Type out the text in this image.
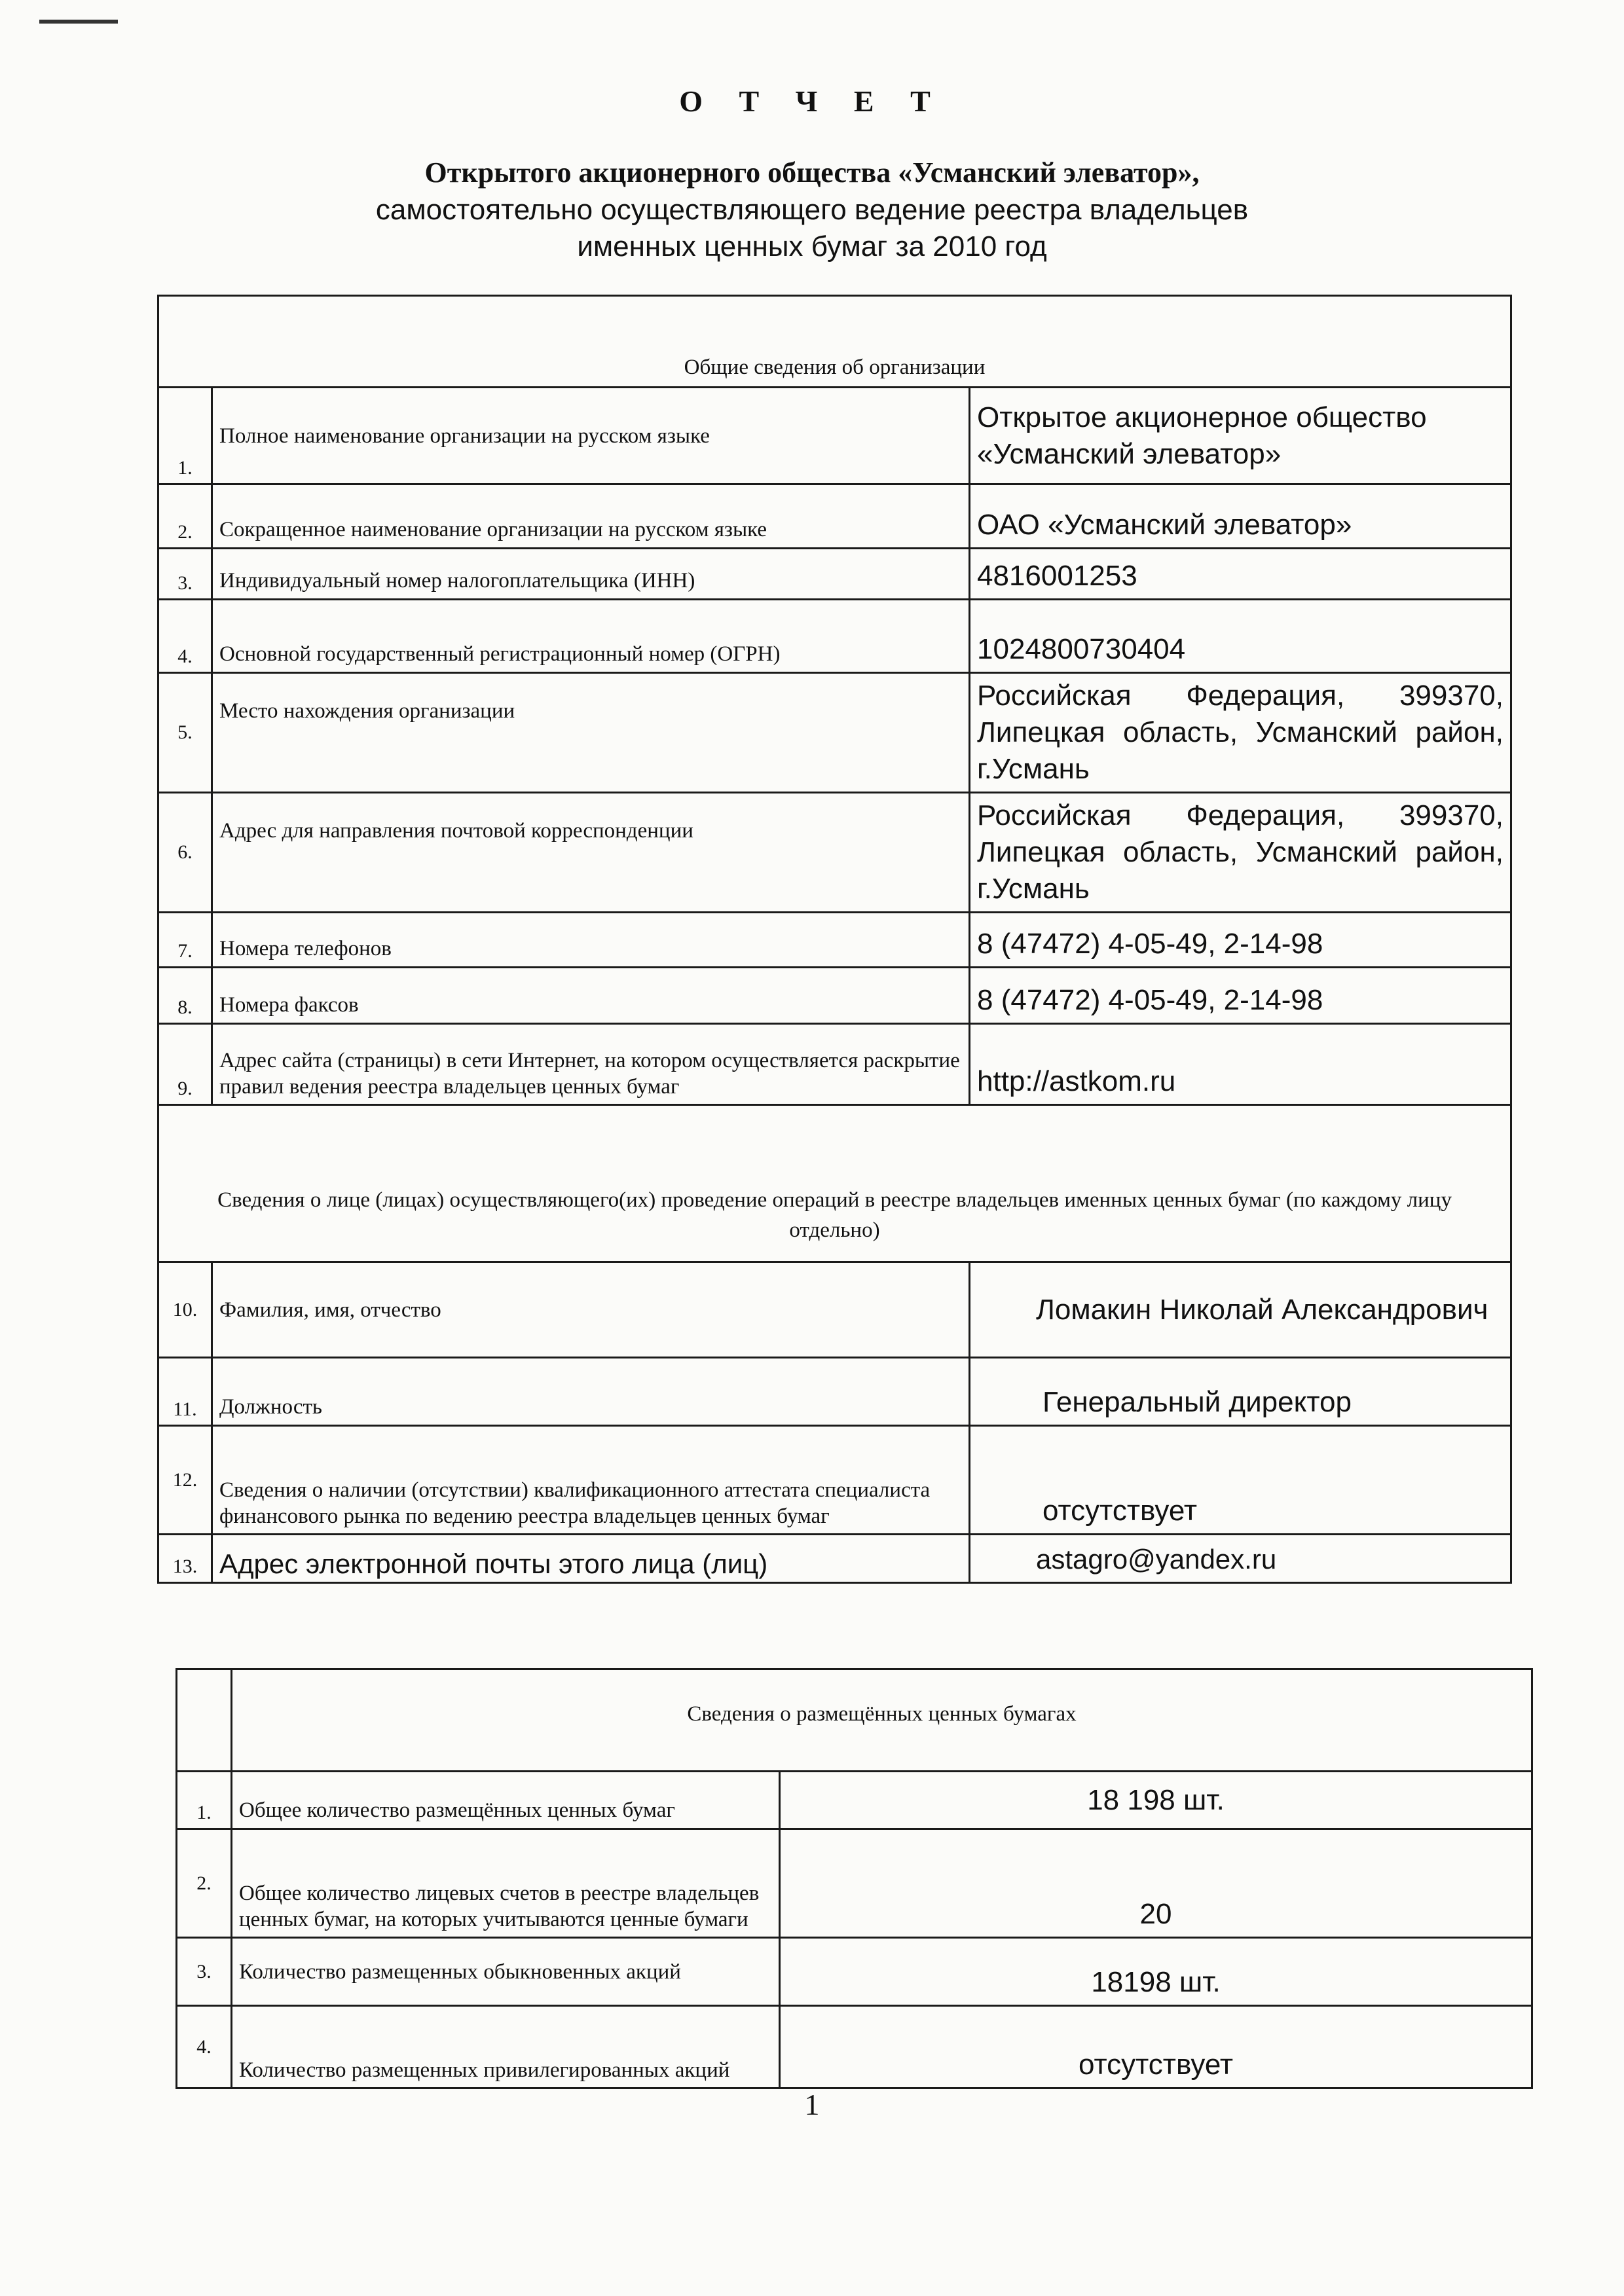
О Т Ч Е Т
Открытого акционерного общества «Усманский элеватор»,
самостоятельно осуществляющего ведение реестра владельцев
именных ценных бумаг за 2010 год
Общие сведения об организации		
1.	Полное наименование организации на русском языке	Открытое акционерное общество «Усманский элеватор»
2.	Сокращенное наименование организации на русском языке	ОАО «Усманский элеватор»
3.	Индивидуальный номер налогоплательщика (ИНН)	4816001253
4.	Основной государственный регистрационный номер (ОГРН)	1024800730404
5.	Место нахождения организации	Российская Федерация, 399370, Липецкая область, Усманский район, г.Усмань
6.	Адрес для направления почтовой корреспонденции	Российская Федерация, 399370, Липецкая область, Усманский район, г.Усмань
7.	Номера телефонов	8 (47472) 4-05-49, 2-14-98
8.	Номера факсов	8 (47472) 4-05-49, 2-14-98
9.	Адрес сайта (страницы) в сети Интернет, на котором осуществляется раскрытие правил ведения реестра владельцев ценных бумаг	http://astkom.ru
Сведения о лице (лицах) осуществляющего(их) проведение операций в реестре владельцев именных ценных бумаг (по каждому лицу отдельно)		
10.	Фамилия, имя, отчество	Ломакин Николай Александрович
11.	Должность	Генеральный директор
12.	Сведения о наличии (отсутствии) квалификационного аттестата специалиста финансового рынка по ведению реестра владельцев ценных бумаг	отсутствует
13.	Адрес электронной почты этого лица (лиц)	astagro@yandex.ru
	Сведения о размещённых ценных бумагах	
1.	Общее количество размещённых ценных бумаг	18 198 шт.
2.	Общее количество лицевых счетов в реестре владельцев ценных бумаг, на которых учитываются ценные бумаги	20
3.	Количество размещенных обыкновенных акций	18198 шт.
4.	Количество размещенных привилегированных акций	отсутствует
1
